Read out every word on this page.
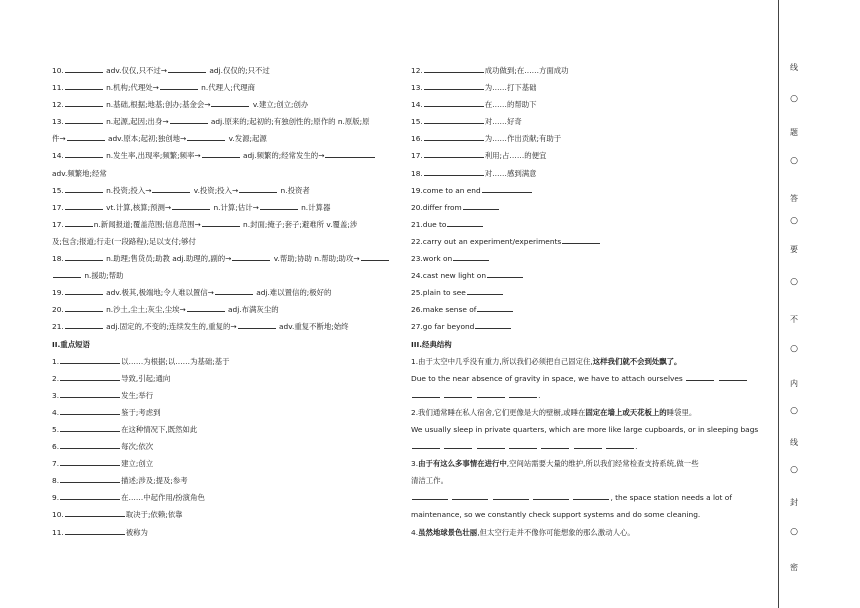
10.	adv.仅仅,只不过→	adj.仅仅的;只不过
11.	n.机构;代理处→	n.代理人;代理商
12.	n.基础,根据;地基;创办;基金会→	v.建立;创立;创办
13.	n.起源,起因;出身→	adj.原来的;起初的;有独创性的;原作的 n.原版;原
件→	adv.原本;起初;独创地→	v.发源;起源
14.	n.发生率,出现率;频繁;频率→	adj.频繁的;经常发生的→
adv.频繁地;经常
15.	n.投资;投入→	v.投资;投入→	n.投资者
17.	vt.计算,核算;预测→	n.计算;估计→	n.计算器
17.	n.新闻报道;覆盖范围;信息范围→	n.封面;掩子;套子;避难所 v.覆盖;涉
及;包含;报道;行走(一段路程);足以支付;够付
18.	n.助理;售货员;助教 adj.助理的,副的→	v.帮助;协助 n.帮助;助攻→
n.援助;帮助
19.	adv.极其,极端地;令人难以置信→	adj.难以置信的;极好的
20.	n.沙土,尘土;灰尘,尘埃→	adj.布满灰尘的
21.	adj.固定的,不变的;连续发生的,重复的→	adv.重复不断地;始终
II.重点短语
1.	以……为根据;以……为基础;基于
2.	导致,引起;通向
3.	发生;举行
4.	鉴于;考虑到
5.	在这种情况下,既然如此
6.	每次;依次
7.	建立;创立
8.	描述;涉及;提及;参考
9.	在……中起作用/扮演角色
10.	取决于;依赖;依靠
11.	被称为
12.	成功做到;在……方面成功
13.	为……打下基础
14.	在……的帮助下
15.	对……好奇
16.	为……作出贡献;有助于
17.	利用;占……的便宜
18.	对……感到满意
19.come to an end
20.differ from
21.due to
22.carry out an experiment/experiments
23.work on
24.cast new light on
25.plain to see
26.make sense of
27.go far beyond
III.经典结构
1.由于太空中几乎没有重力,所以我们必须把自己固定住,这样我们就不会到处飘了。
Due to the near absence of gravity in space, we have to attach ourselves
.
2.我们通常睡在私人宿舍,它们更像是大的壁橱,或睡在固定在墙上或天花板上的睡袋里。
We usually sleep in private quarters, which are more like large cupboards, or in sleeping bags
.
3.由于有这么多事情在进行中,空间站需要大量的维护,所以我们经常检查支持系统,做一些
清洁工作。
, the space station needs a lot of
maintenance, so we constantly check support systems and do some cleaning.
4.虽然地球景色壮丽,但太空行走并不像你可能想象的那么激动人心。
线
○
题
○
答
○
要
○
不
○
内
○
线
○
封
○
密
